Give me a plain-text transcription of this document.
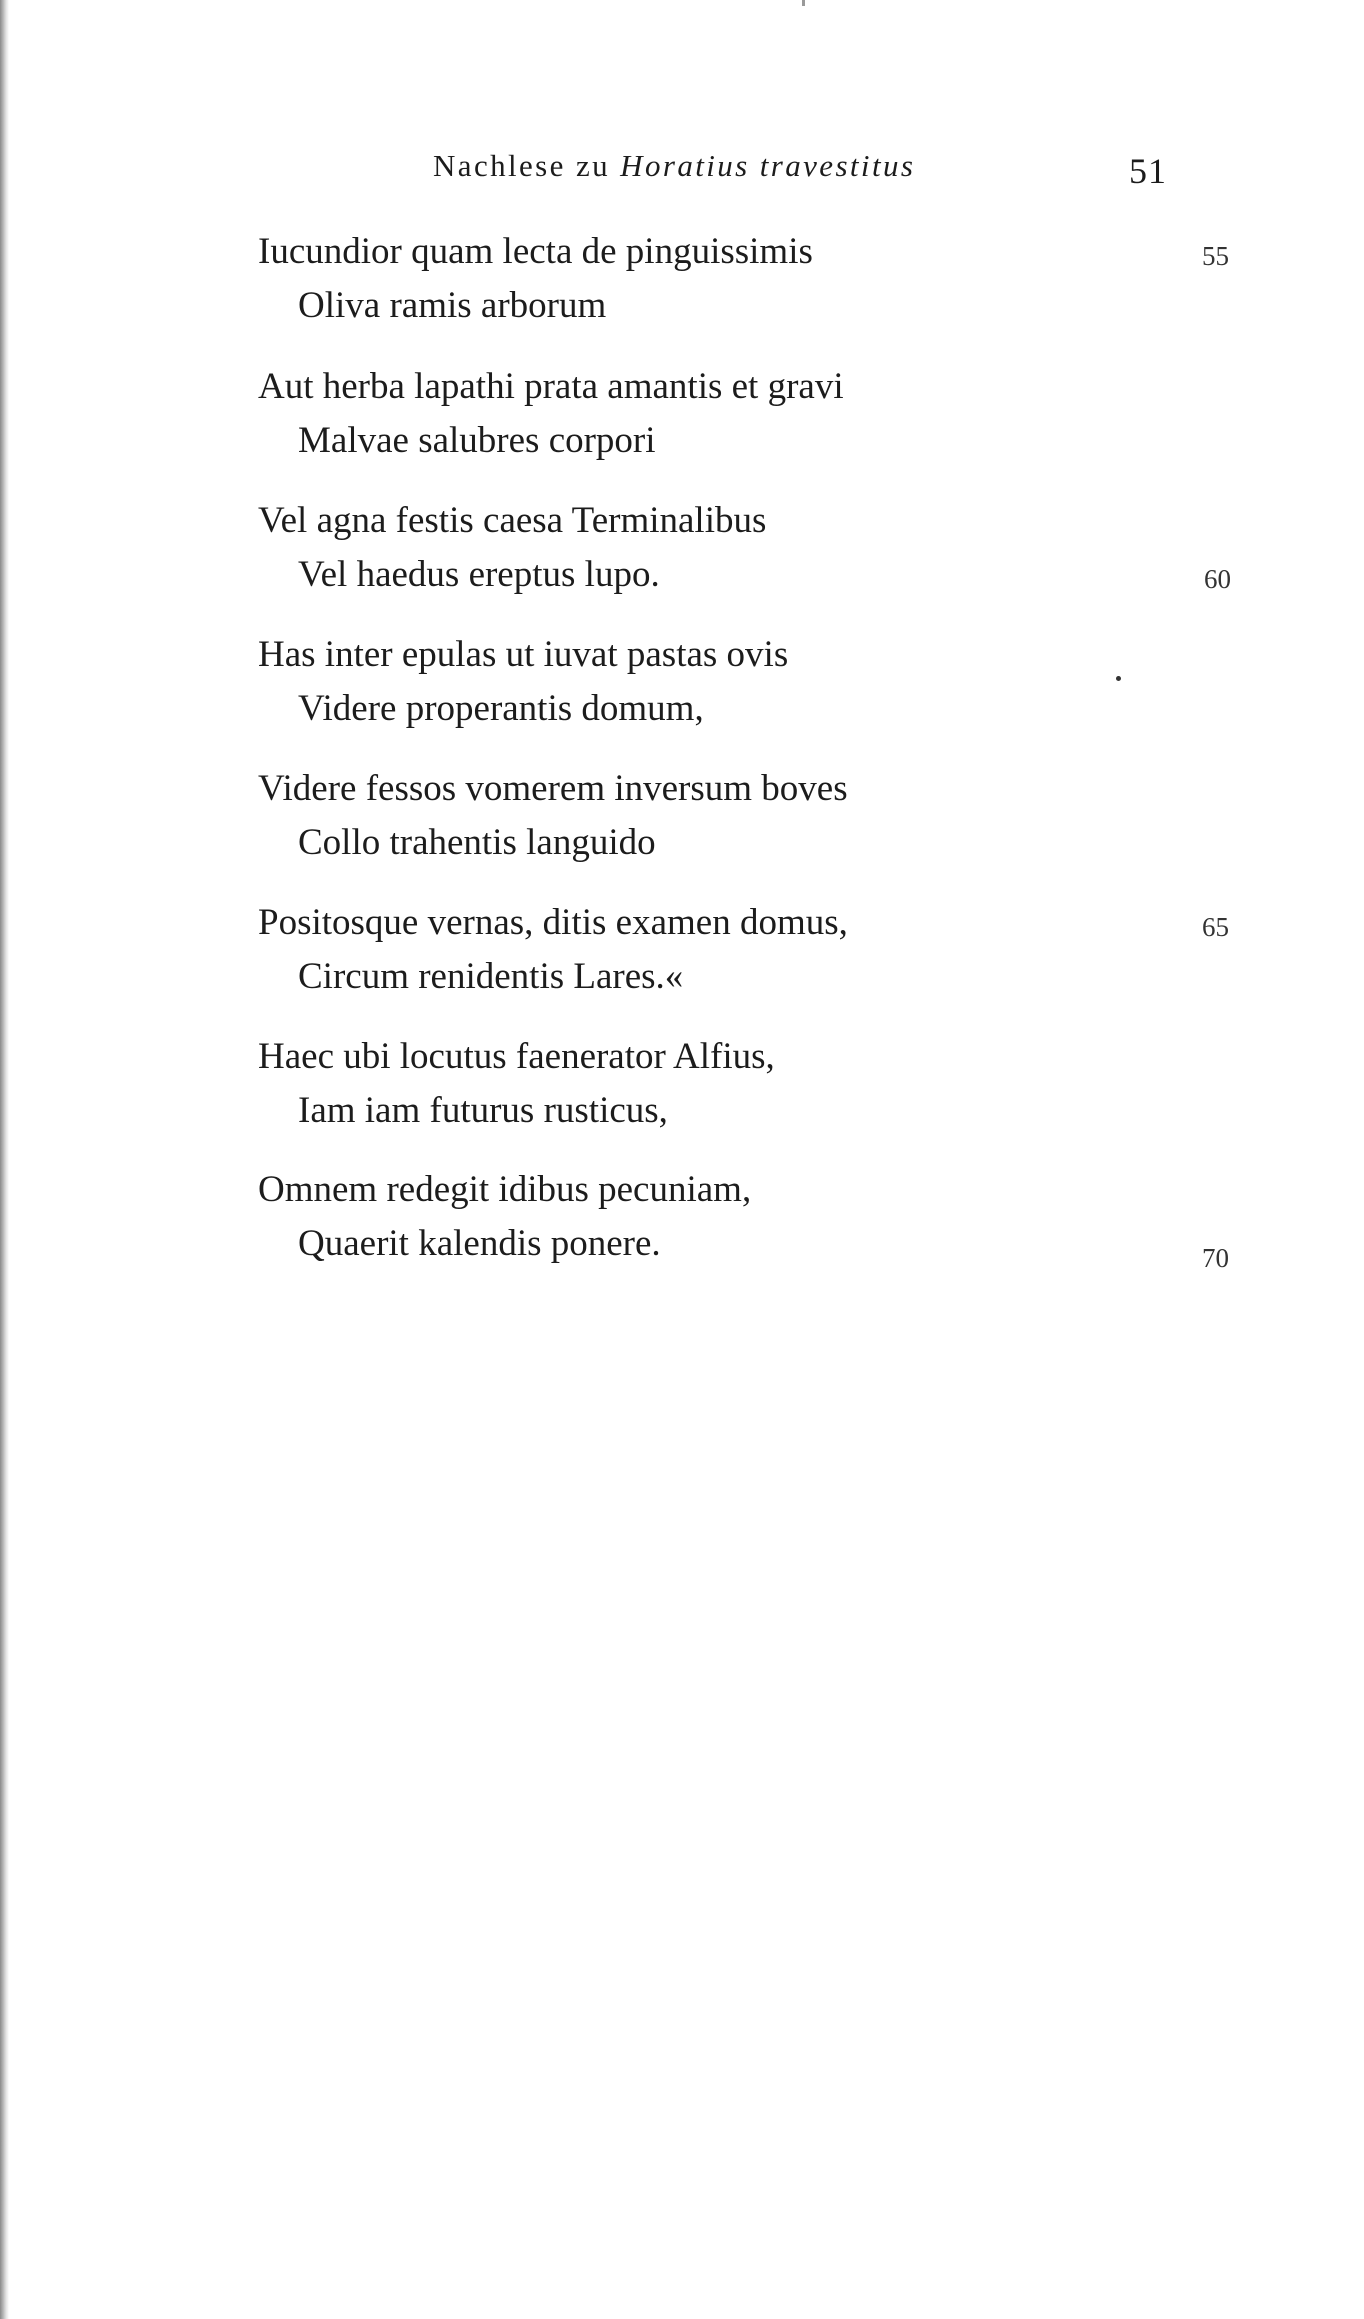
Nachlese zu Horatius travestitus	51
Iucundior quam lecta de pinguissimis	55
Oliva ramis arborum
Aut herba lapathi prata amantis et gravi
Malvae salubres corpori
Vel agna festis caesa Terminalibus
Vel haedus ereptus lupo.	60
Has inter epulas ut iuvat pastas ovis
Videre properantis domum,
Videre fessos vomerem inversum boves
Collo trahentis languido
Positosque vernas, ditis examen domus,	65
Circum renidentis Lares.«
Haec ubi locutus faenerator Alfius,
Iam iam futurus rusticus,
Omnem redegit idibus pecuniam,
Quaerit kalendis ponere.	70
